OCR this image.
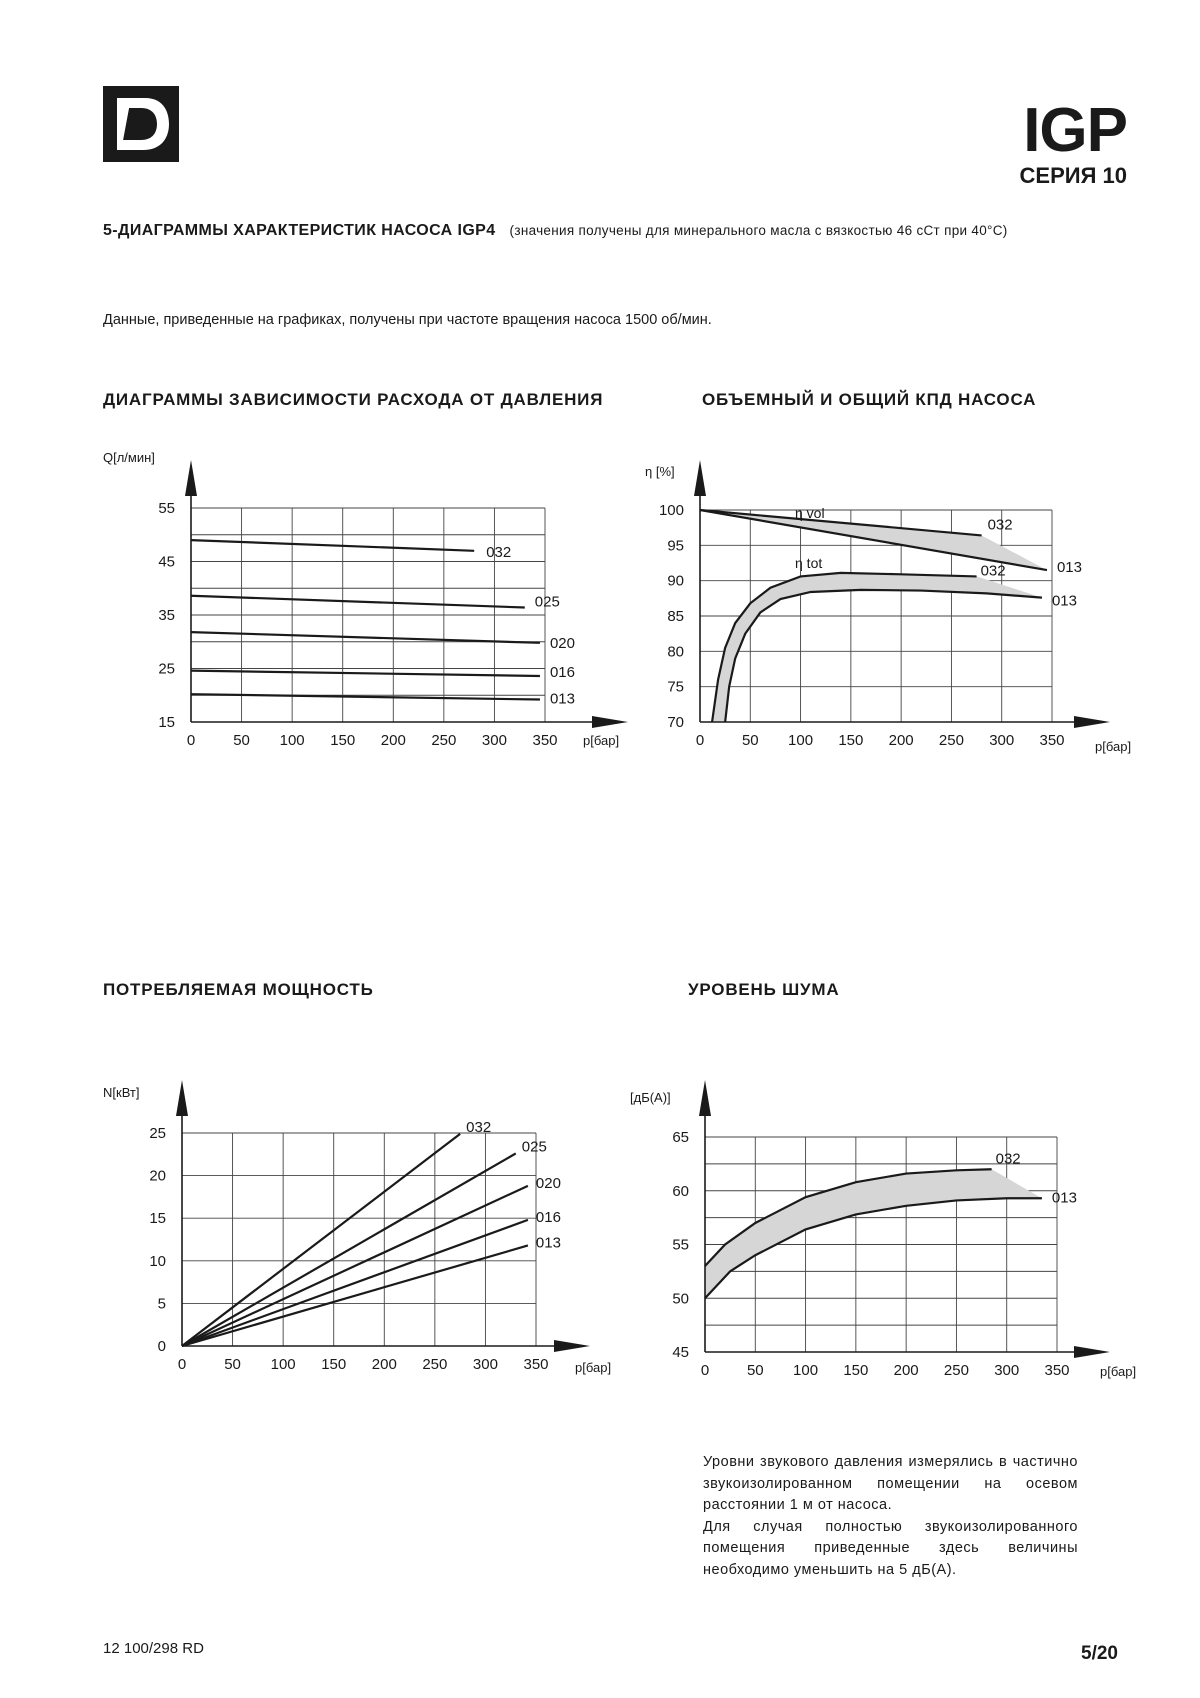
IGP
СЕРИЯ 10
5-ДИАГРАММЫ ХАРАКТЕРИСТИК НАСОСА IGP4 (значения получены для минерального масла с вязкостью 46 сСт при 40°С)
Данные, приведенные на графиках, получены при частоте вращения насоса 1500 об/мин.
ДИАГРАММЫ ЗАВИСИМОСТИ РАСХОДА ОТ ДАВЛЕНИЯ	ОБЪЕМНЫЙ И ОБЩИЙ КПД НАСОСА
ПОТРЕБЛЯЕМАЯ МОЩНОСТЬ	УРОВЕНЬ ШУМА
0	50 100 150 200 250 300 350
15
25
35
45
55
Q[л/мин]
р[бар]
032
025
020
016
013
0	50 100 150 200 250 300 350
70
75
80
85
90
95
100
η [%]
р[бар]
032
013
032
013
η vol
η tot
0	50 100 150 200 250 300 350
0
5
10
15
20
25
N[кВт]
р[бар]
032
025
020
016
013
0	50 100 150 200 250 300 350
45
50
55
60
65
[дБ(А)]
р[бар]
032
013
Уровни звукового давления измерялись в частично звукоизолированном помещении на осевом расстоянии 1 м от насоса.
Для случая полностью звукоизолированного помещения приведенные здесь величины необходимо уменьшить на 5 дБ(А).
12 100/298 RD	5/20
